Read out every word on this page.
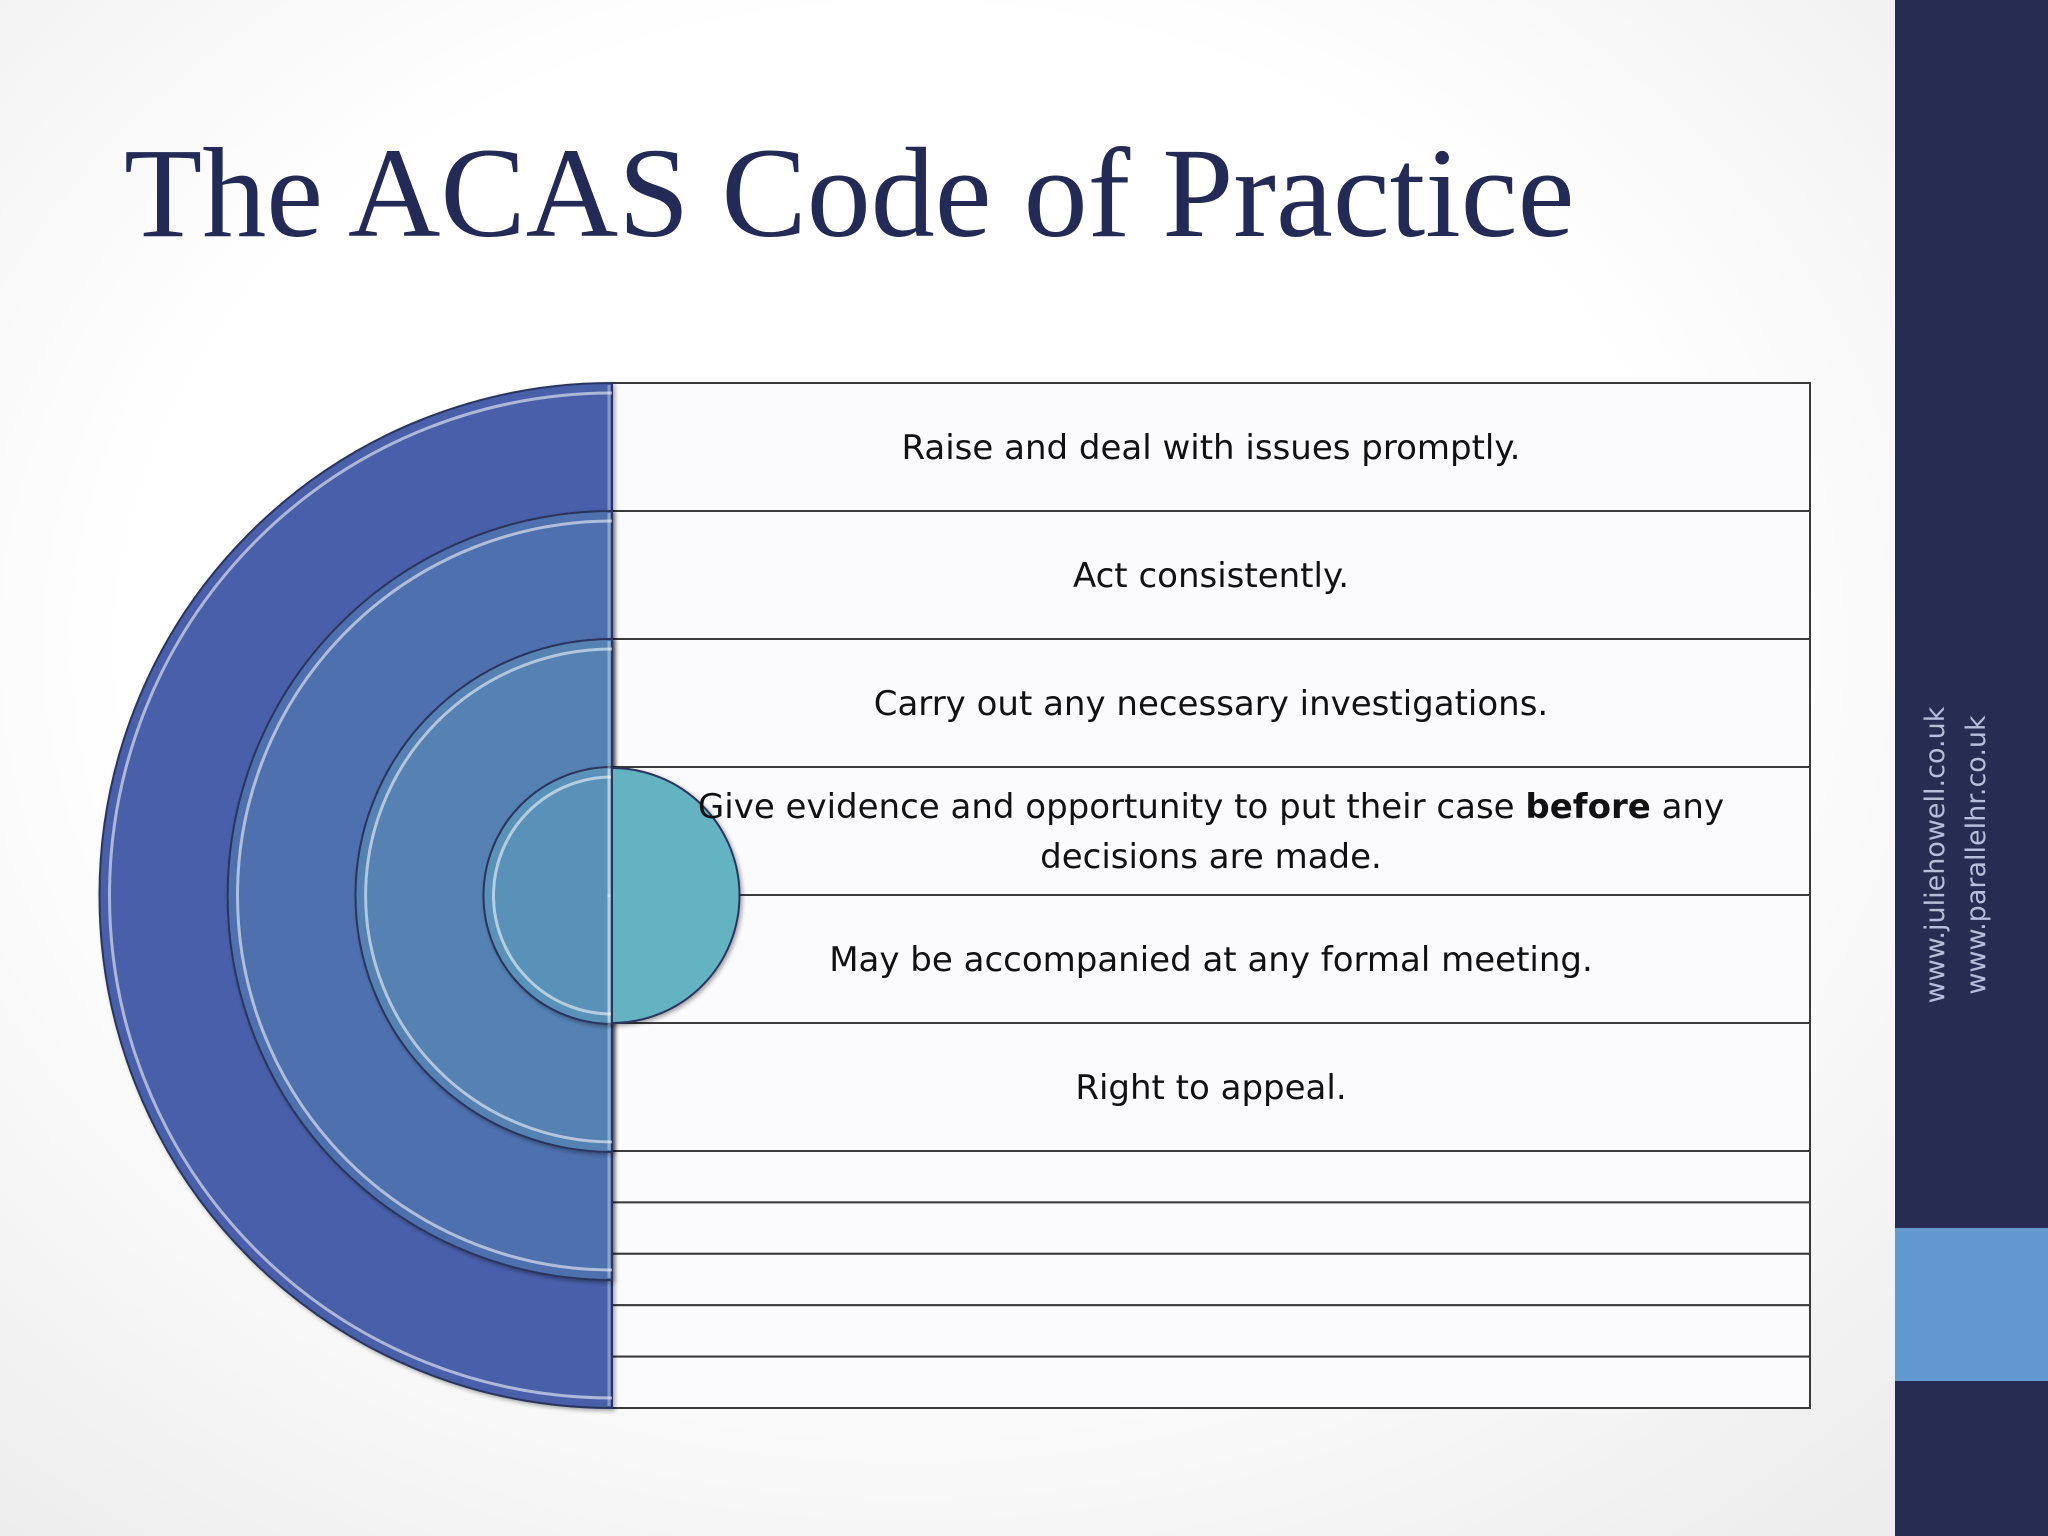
The ACAS Code of Practice
Raise and deal with issues promptly.
Act consistently.
Carry out any necessary investigations.
Give evidence and opportunity to put their case before any decisions are made.
May be accompanied at any formal meeting.
Right to appeal.
www.juliehowell.co.uk www.parallelhr.co.uk
